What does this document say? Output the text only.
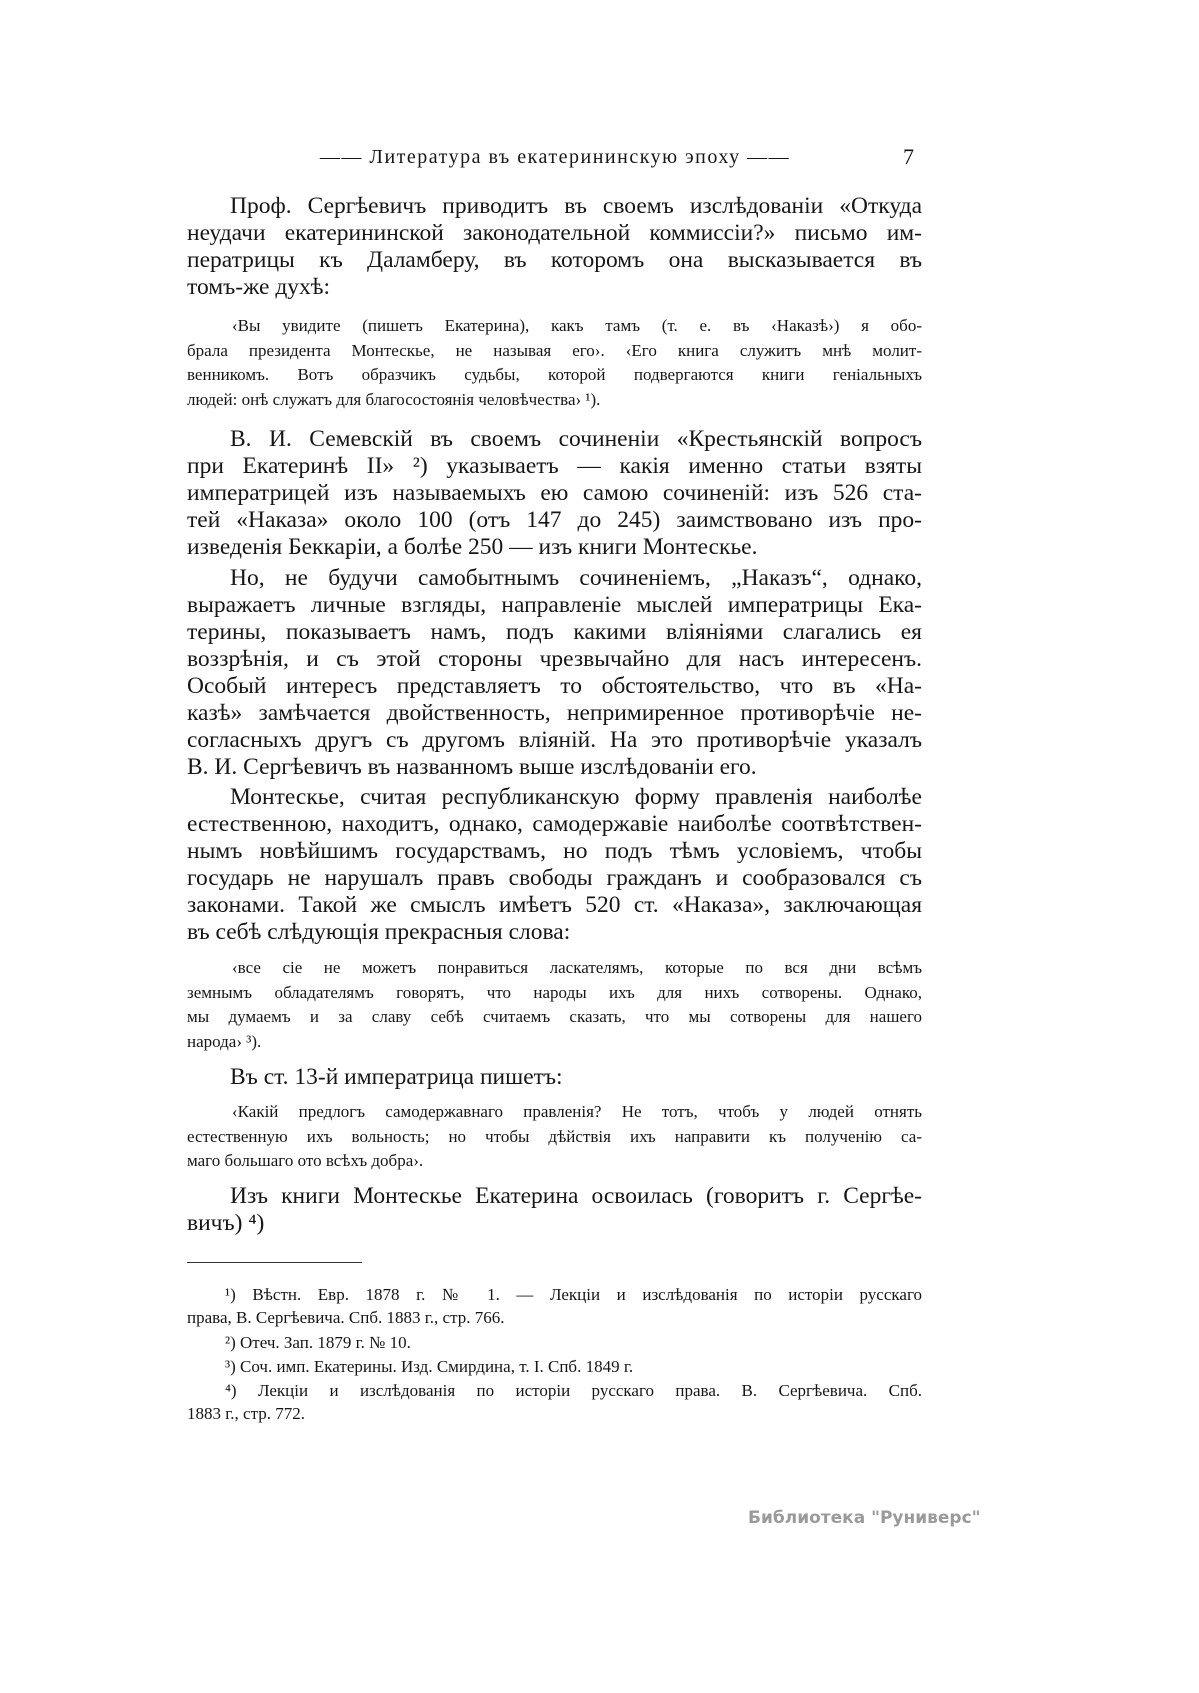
—— Литература въ екатерининскую эпоху ——	7
Проф. Сергѣевичъ приводитъ въ своемъ изслѣдованіи «Откуда
неудачи екатерининской законодательной коммиссіи?» письмо им-
ператрицы къ Даламберу, въ которомъ она высказывается въ
томъ-же духѣ:
‹Вы увидите (пишетъ Екатерина), какъ тамъ (т. е. въ ‹Наказѣ›) я обо-
брала президента Монтескье, не называя его›. ‹Его книга служитъ мнѣ молит-
венникомъ. Вотъ образчикъ судьбы, которой подвергаются книги геніальныхъ
людей: онѣ служатъ для благосостоянія человѣчества› ¹).
В. И. Семевскій въ своемъ сочиненіи «Крестьянскій вопросъ
при Екатеринѣ II» ²) указываетъ — какія именно статьи взяты
императрицей изъ называемыхъ ею самою сочиненій: изъ 526 ста-
тей «Наказа» около 100 (отъ 147 до 245) заимствовано изъ про-
изведенія Беккаріи, а болѣе 250 — изъ книги Монтескье.
Но, не будучи самобытнымъ сочиненіемъ, „Наказъ“, однако,
выражаетъ личные взгляды, направленіе мыслей императрицы Ека-
терины, показываетъ намъ, подъ какими вліяніями слагались ея
воззрѣнія, и съ этой стороны чрезвычайно для насъ интересенъ.
Особый интересъ представляетъ то обстоятельство, что въ «На-
казѣ» замѣчается двойственность, непримиренное противорѣчіе не-
согласныхъ другъ съ другомъ вліяній. На это противорѣчіе указалъ
В. И. Сергѣевичъ въ названномъ выше изслѣдованіи его.
Монтескье, считая республиканскую форму правленія наиболѣе
естественною, находитъ, однако, самодержавіе наиболѣе соотвѣтствен-
нымъ новѣйшимъ государствамъ, но подъ тѣмъ условіемъ, чтобы
государь не нарушалъ правъ свободы гражданъ и сообразовался съ
законами. Такой же смыслъ имѣетъ 520 ст. «Наказа», заключающая
въ себѣ слѣдующія прекрасныя слова:
‹все сіе не можетъ понравиться ласкателямъ, которые по вся дни всѣмъ
земнымъ обладателямъ говорятъ, что народы ихъ для нихъ сотворены. Однако,
мы думаемъ и за славу себѣ считаемъ сказать, что мы сотворены для нашего
народа› ³).
Въ ст. 13-й императрица пишетъ:
‹Какій предлогъ самодержавнаго правленія? Не тотъ, чтобъ у людей отнять
естественную ихъ вольность; но чтобы дѣйствія ихъ направити къ полученію са-
маго большаго ото всѣхъ добра›.
Изъ книги Монтескье Екатерина освоилась (говоритъ г. Сергѣе-
вичъ) ⁴)
¹) Вѣстн. Евр. 1878 г. № 1. — Лекціи и изслѣдованія по исторіи русскаго
права, В. Сергѣевича. Спб. 1883 г., стр. 766.
²) Отеч. Зап. 1879 г. № 10.
³) Соч. имп. Екатерины. Изд. Смирдина, т. I. Спб. 1849 г.
⁴) Лекціи и изслѣдованія по исторіи русскаго права. В. Сергѣевича. Спб.
1883 г., стр. 772.
Библиотека "Руниверс"
